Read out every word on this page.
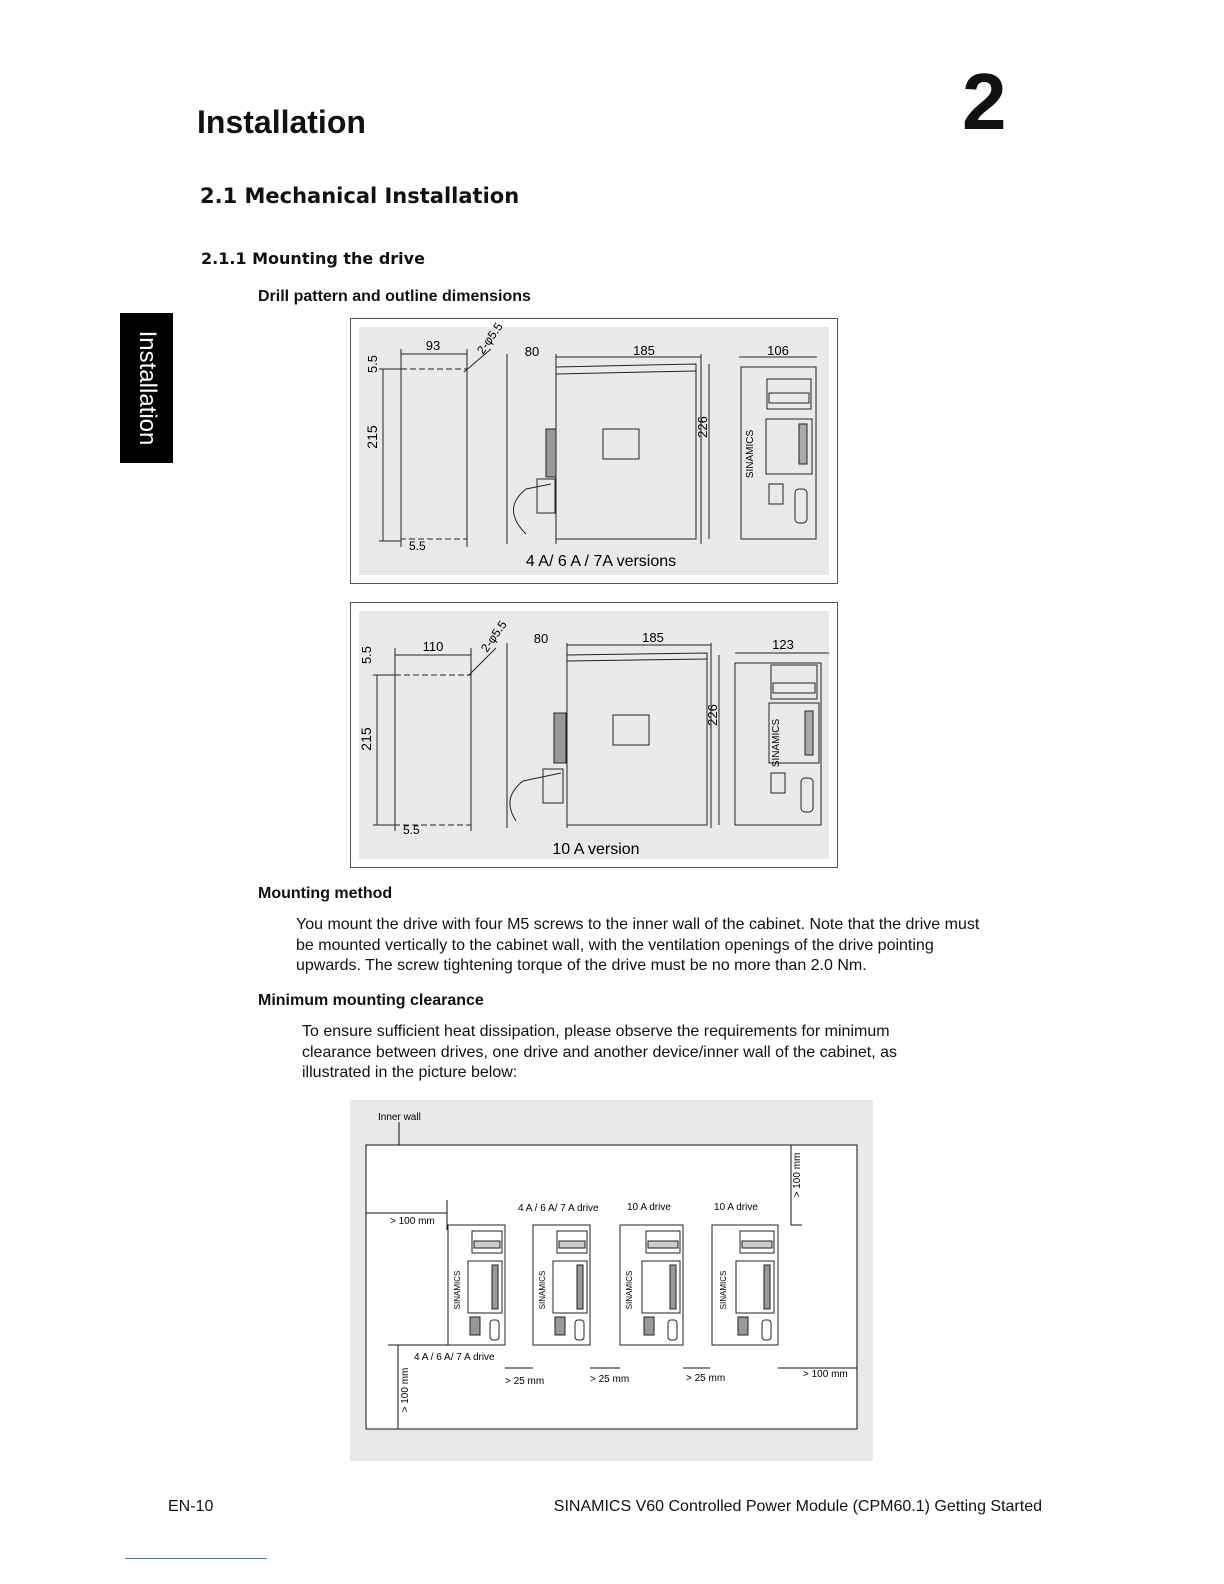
Installation	2
2.1 Mechanical Installation
2.1.1 Mounting the drive
Installation
Drill pattern and outline dimensions
93	2-φ5.5
5.5
215
5.5
80	185
226
106
SINAMICS
4 A/ 6 A / 7A versions
110	2-φ5.5
5.5
215
5.5
80	185
226
123
SINAMICS
10 A version
Mounting method
You mount the drive with four M5 screws to the inner wall of the cabinet. Note that the drive must be mounted vertically to the cabinet wall, with the ventilation openings of the drive pointing upwards. The screw tightening torque of the drive must be no more than 2.0 Nm.
Minimum mounting clearance
To ensure sufficient heat dissipation, please observe the requirements for minimum clearance between drives, one drive and another device/inner wall of the cabinet, as illustrated in the picture below:
Inner wall
> 100 mm
> 100 mm
> 100 mm	> 100 mm
> 25 mm	> 25 mm	> 25 mm
4 A / 6 A/ 7 A drive	10 A drive	10 A drive
4 A / 6 A/ 7 A drive
SINAMICS	SINAMICS	SINAMICS	SINAMICS
EN-10	SINAMICS V60 Controlled Power Module (CPM60.1) Getting Started
